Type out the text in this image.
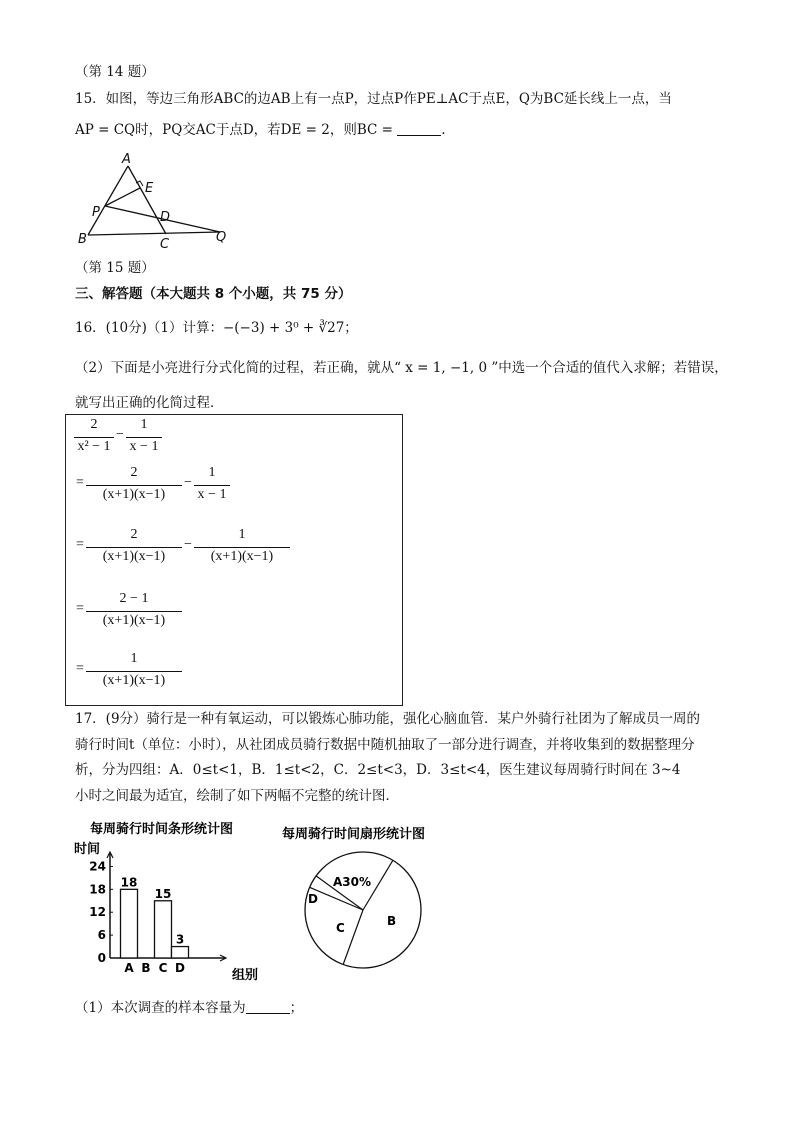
（第 14 题）
15．如图，等边三角形ABC的边AB上有一点P，过点P作PE⊥AC于点E，Q为BC延长线上一点，当
AP = CQ时，PQ交AC于点D，若DE = 2，则BC =	.
A
E
P	D
B	C	Q
（第 15 题）
三、解答题（本大题共 8 个小题，共 75 分）
16．(10分)（1）计算：−(−3) + 3⁰ + ∛27；
（2）下面是小亮进行分式化简的过程，若正确，就从“ x = 1, −1, 0 ”中选一个合适的值代入求解；若错误，
就写出正确的化简过程．
2
x² − 1
−
1
x − 1
=
2
(x+1)(x−1)
−
1
x − 1
=
2
(x+1)(x−1)
−
1
(x+1)(x−1)
=
2 − 1
(x+1)(x−1)
=
1
(x+1)(x−1)
17．(9分）骑行是一种有氧运动，可以锻炼心肺功能，强化心脑血管．某户外骑行社团为了解成员一周的
骑行时间t（单位：小时），从社团成员骑行数据中随机抽取了一部分进行调查，并将收集到的数据整理分
析，分为四组：A．0≤t<1，B．1≤t<2，C．2≤t<3，D．3≤t<4，医生建议每周骑行时间在 3~4
小时之间最为适宜，绘制了如下两幅不完整的统计图．
每周骑行时间条形统计图
时间
组别
0
6
12
18
24
A
18
B C
15
D
3
每周骑行时间扇形统计图
A30%
B
C
D
（1）本次调查的样本容量为	；
